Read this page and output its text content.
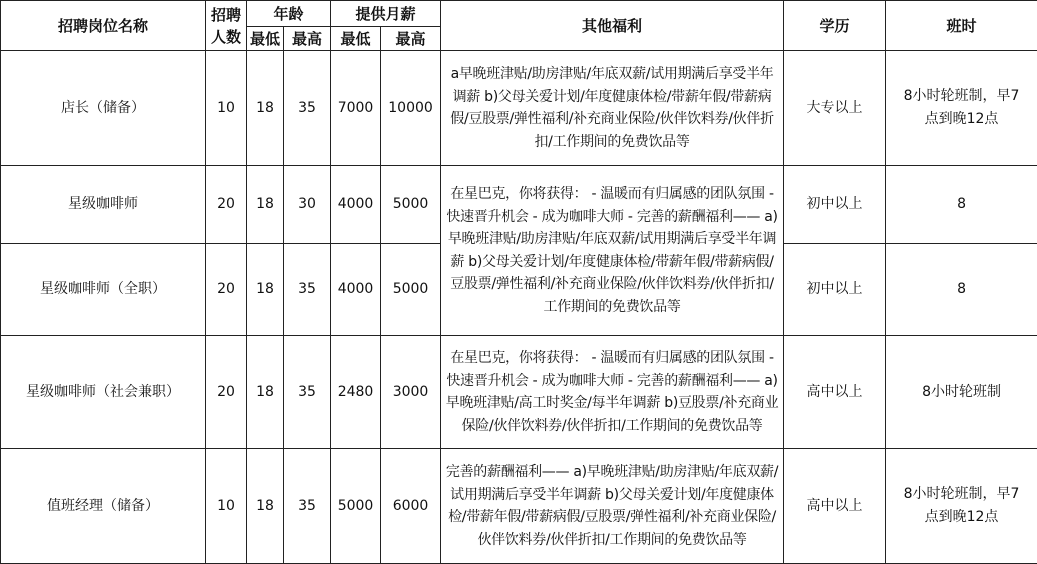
招聘岗位名称	招聘人数	年龄		提供月薪		其他福利	学历	班时
		最低	最高	最低	最高			
店长（储备）	10	18	35	7000	10000	a早晚班津贴/助房津贴/年底双薪/试用期满后享受半年调薪 b)父母关爱计划/年度健康体检/带薪年假/带薪病假/豆股票/弹性福利/补充商业保险/伙伴饮料券/伙伴折扣/工作期间的免费饮品等	大专以上	8小时轮班制，早7点到晚12点
星级咖啡师	20	18	30	4000	5000	在星巴克，你将获得： - 温暖而有归属感的团队氛围 - 快速晋升机会 - 成为咖啡大师 - 完善的薪酬福利—— a)早晚班津贴/助房津贴/年底双薪/试用期满后享受半年调薪 b)父母关爱计划/年度健康体检/带薪年假/带薪病假/豆股票/弹性福利/补充商业保险/伙伴饮料券/伙伴折扣/工作期间的免费饮品等	初中以上	8
星级咖啡师（全职）	20	18	35	4000	5000		初中以上	8
星级咖啡师（社会兼职）	20	18	35	2480	3000	在星巴克，你将获得： - 温暖而有归属感的团队氛围 - 快速晋升机会 - 成为咖啡大师 - 完善的薪酬福利—— a)早晚班津贴/高工时奖金/每半年调薪 b)豆股票/补充商业保险/伙伴饮料券/伙伴折扣/工作期间的免费饮品等	高中以上	8小时轮班制
值班经理（储备）	10	18	35	5000	6000	完善的薪酬福利—— a)早晚班津贴/助房津贴/年底双薪/试用期满后享受半年调薪 b)父母关爱计划/年度健康体检/带薪年假/带薪病假/豆股票/弹性福利/补充商业保险/伙伴饮料券/伙伴折扣/工作期间的免费饮品等	高中以上	8小时轮班制，早7点到晚12点
